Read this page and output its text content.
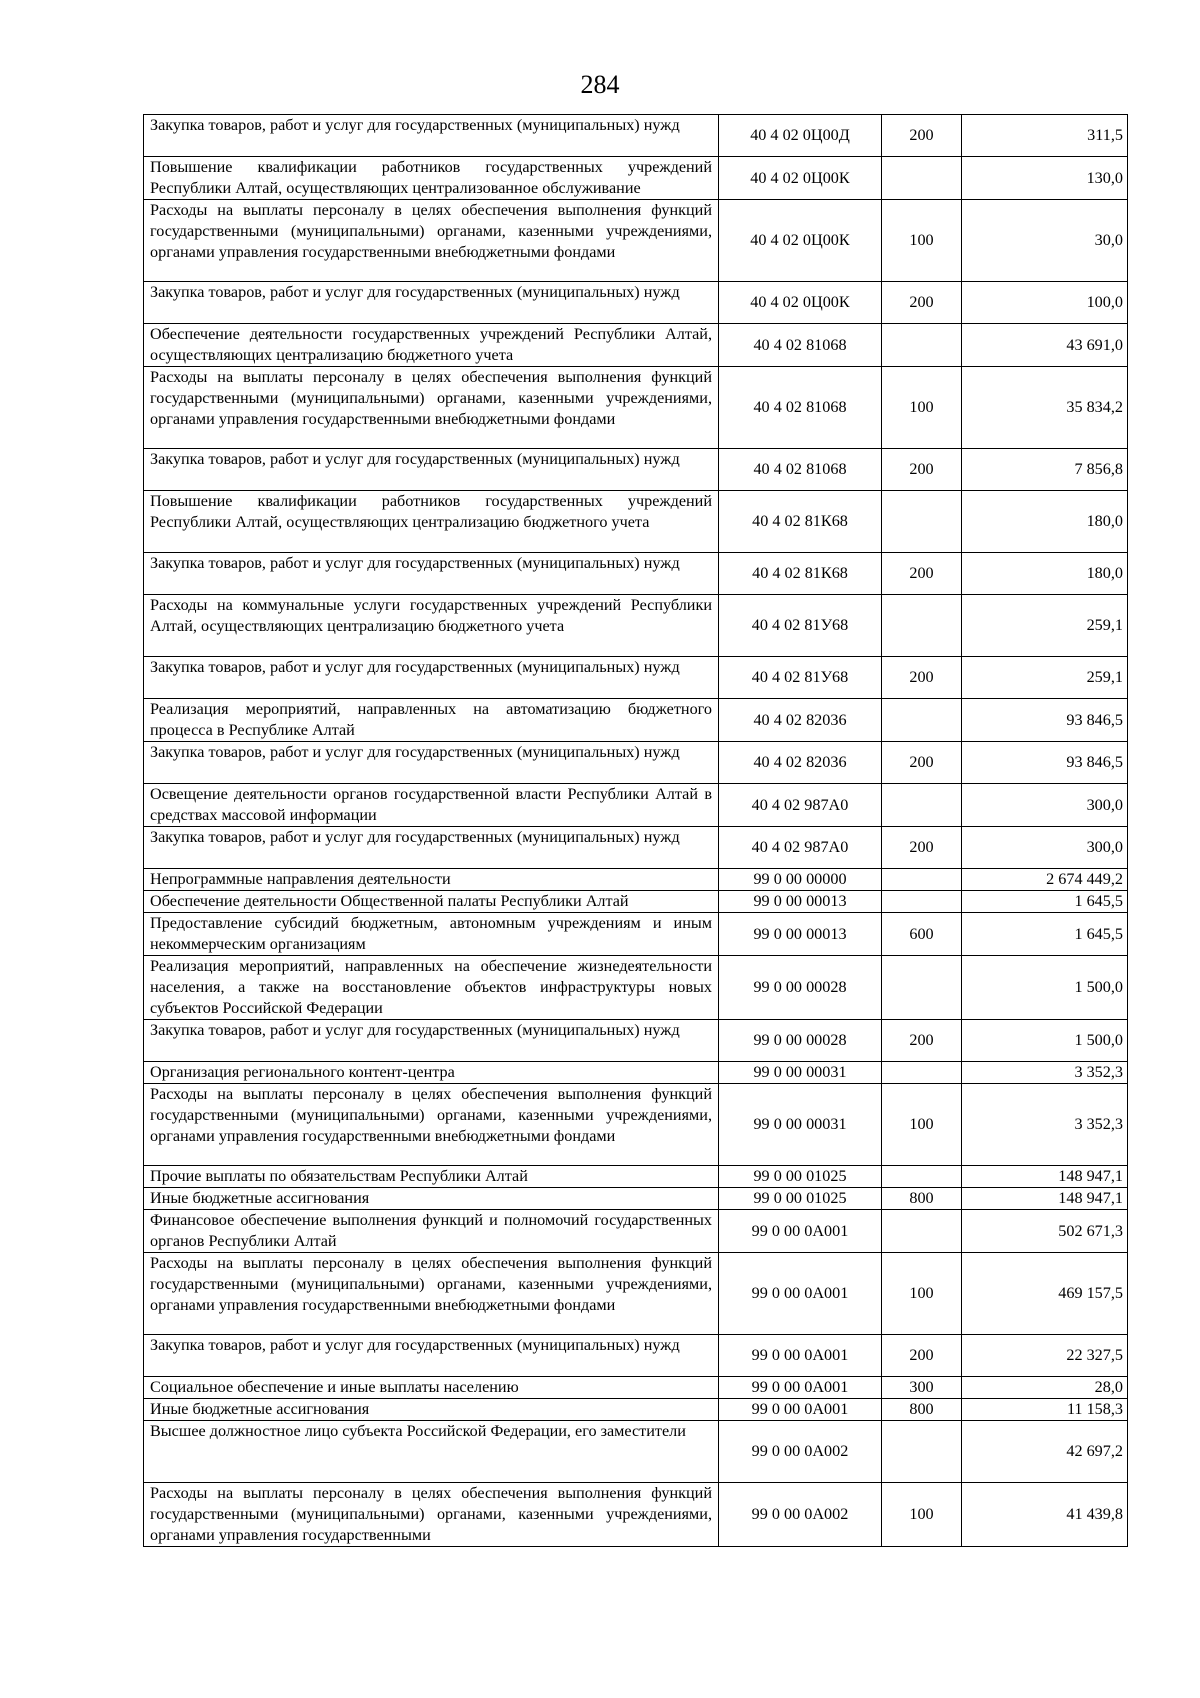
284
Закупка товаров, работ и услуг для государственных (муниципальных) нужд	40 4 02 0Ц00Д	200	311,5
Повышение квалификации работников государственных учреждений Республики Алтай, осуществляющих централизованное обслуживание	40 4 02 0Ц00К		130,0
Расходы на выплаты персоналу в целях обеспечения выполнения функций государственными (муниципальными) органами, казенными учреждениями, органами управления государственными внебюджетными фондами	40 4 02 0Ц00К	100	30,0
Закупка товаров, работ и услуг для государственных (муниципальных) нужд	40 4 02 0Ц00К	200	100,0
Обеспечение деятельности государственных учреждений Республики Алтай, осуществляющих централизацию бюджетного учета	40 4 02 81068		43 691,0
Расходы на выплаты персоналу в целях обеспечения выполнения функций государственными (муниципальными) органами, казенными учреждениями, органами управления государственными внебюджетными фондами	40 4 02 81068	100	35 834,2
Закупка товаров, работ и услуг для государственных (муниципальных) нужд	40 4 02 81068	200	7 856,8
Повышение квалификации работников государственных учреждений Республики Алтай, осуществляющих централизацию бюджетного учета	40 4 02 81К68		180,0
Закупка товаров, работ и услуг для государственных (муниципальных) нужд	40 4 02 81К68	200	180,0
Расходы на коммунальные услуги государственных учреждений Республики Алтай, осуществляющих централизацию бюджетного учета	40 4 02 81У68		259,1
Закупка товаров, работ и услуг для государственных (муниципальных) нужд	40 4 02 81У68	200	259,1
Реализация мероприятий, направленных на автоматизацию бюджетного процесса в Республике Алтай	40 4 02 82036		93 846,5
Закупка товаров, работ и услуг для государственных (муниципальных) нужд	40 4 02 82036	200	93 846,5
Освещение деятельности органов государственной власти Республики Алтай в средствах массовой информации	40 4 02 987А0		300,0
Закупка товаров, работ и услуг для государственных (муниципальных) нужд	40 4 02 987А0	200	300,0
Непрограммные направления деятельности	99 0 00 00000		2 674 449,2
Обеспечение деятельности Общественной палаты Республики Алтай	99 0 00 00013		1 645,5
Предоставление субсидий бюджетным, автономным учреждениям и иным некоммерческим организациям	99 0 00 00013	600	1 645,5
Реализация мероприятий, направленных на обеспечение жизнедеятельности населения, а также на восстановление объектов инфраструктуры новых субъектов Российской Федерации	99 0 00 00028		1 500,0
Закупка товаров, работ и услуг для государственных (муниципальных) нужд	99 0 00 00028	200	1 500,0
Организация регионального контент-центра	99 0 00 00031		3 352,3
Расходы на выплаты персоналу в целях обеспечения выполнения функций государственными (муниципальными) органами, казенными учреждениями, органами управления государственными внебюджетными фондами	99 0 00 00031	100	3 352,3
Прочие выплаты по обязательствам Республики Алтай	99 0 00 01025		148 947,1
Иные бюджетные ассигнования	99 0 00 01025	800	148 947,1
Финансовое обеспечение выполнения функций и полномочий государственных органов Республики Алтай	99 0 00 0А001		502 671,3
Расходы на выплаты персоналу в целях обеспечения выполнения функций государственными (муниципальными) органами, казенными учреждениями, органами управления государственными внебюджетными фондами	99 0 00 0А001	100	469 157,5
Закупка товаров, работ и услуг для государственных (муниципальных) нужд	99 0 00 0А001	200	22 327,5
Социальное обеспечение и иные выплаты населению	99 0 00 0А001	300	28,0
Иные бюджетные ассигнования	99 0 00 0А001	800	11 158,3
Высшее должностное лицо субъекта Российской Федерации, его заместители	99 0 00 0А002		42 697,2
Расходы на выплаты персоналу в целях обеспечения выполнения функций государственными (муниципальными) органами, казенными учреждениями, органами управления государственными	99 0 00 0А002	100	41 439,8
